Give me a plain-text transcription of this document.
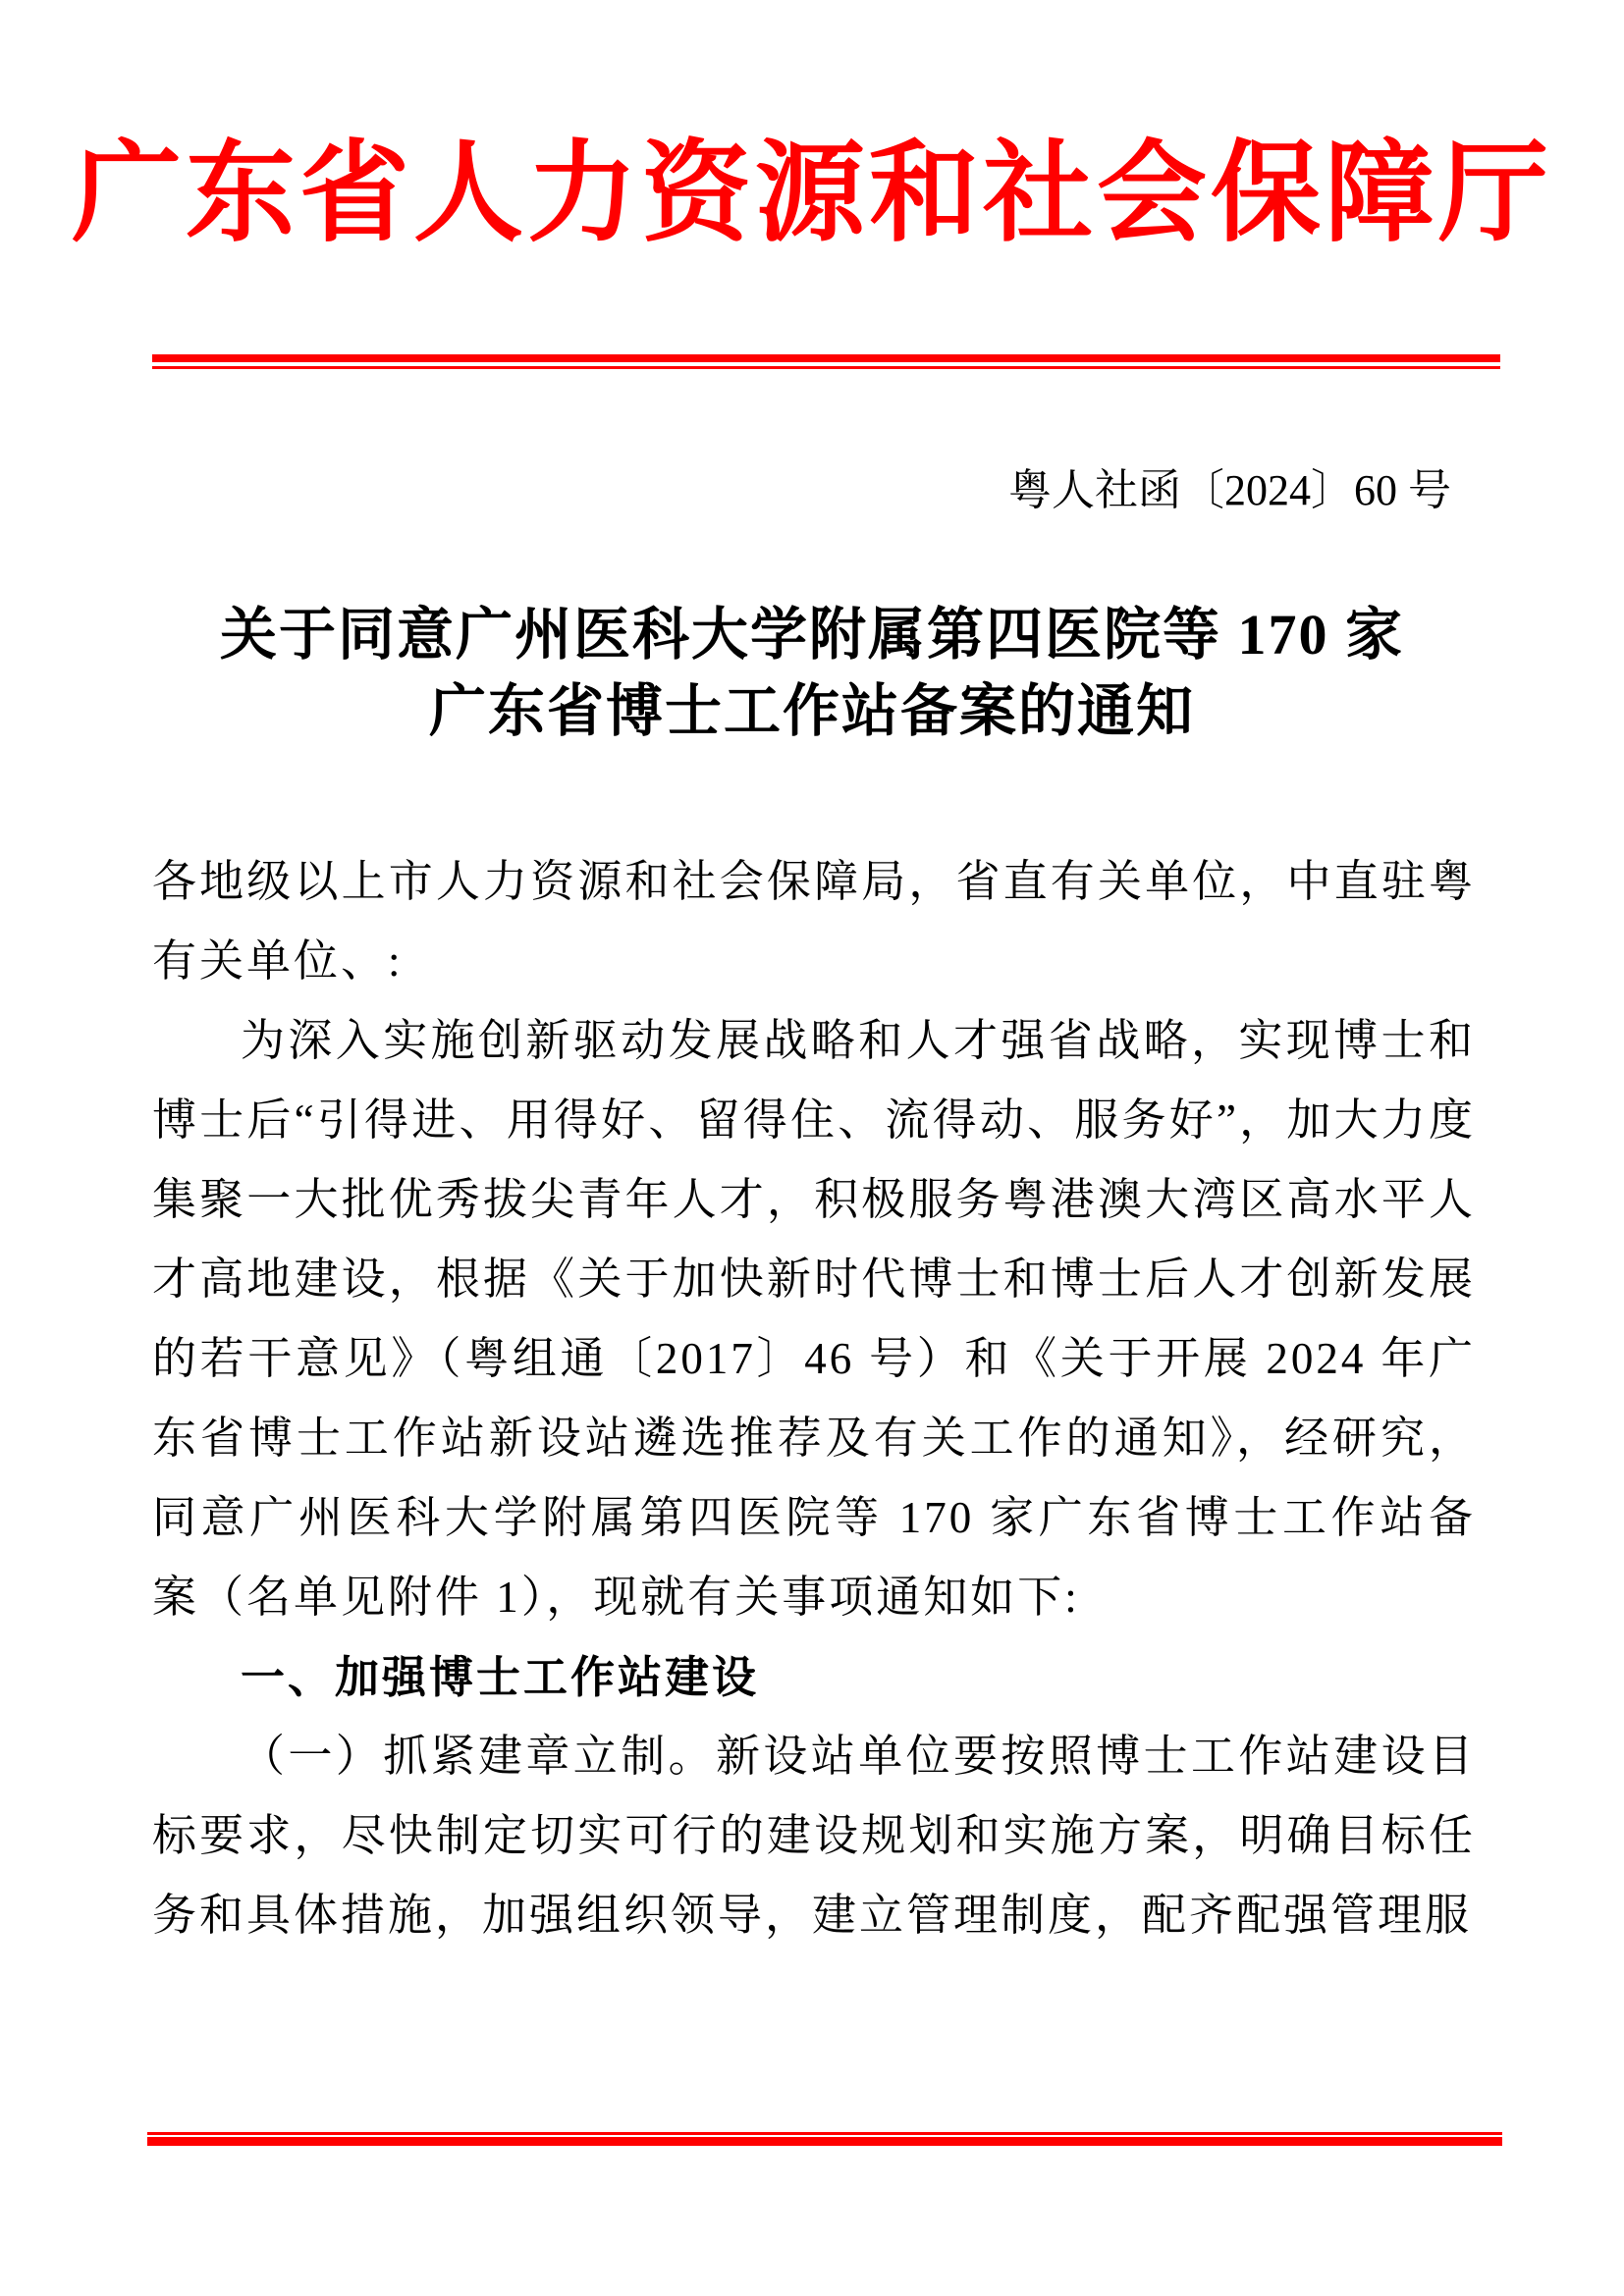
广东省人力资源和社会保障厅
粤人社函〔2024〕60 号
关于同意广州医科大学附属第四医院等 170 家
广东省博士工作站备案的通知

各地级以上市人力资源和社会保障局，省直有关单位，中直驻粤有关单位、:

为深入实施创新驱动发展战略和人才强省战略，实现博士和博士后“引得进、用得好、留得住、流得动、服务好”，加大力度集聚一大批优秀拔尖青年人才，积极服务粤港澳大湾区高水平人才高地建设，根据《关于加快新时代博士和博士后人才创新发展的若干意见》（粤组通〔2017〕46 号）和《关于开展 2024 年广东省博士工作站新设站遴选推荐及有关工作的通知》，经研究，同意广州医科大学附属第四医院等 170 家广东省博士工作站备案（名单见附件 1），现就有关事项通知如下:

一、加强博士工作站建设

（一）抓紧建章立制。新设站单位要按照博士工作站建设目标要求，尽快制定切实可行的建设规划和实施方案，明确目标任务和具体措施，加强组织领导，建立管理制度，配齐配强管理服
